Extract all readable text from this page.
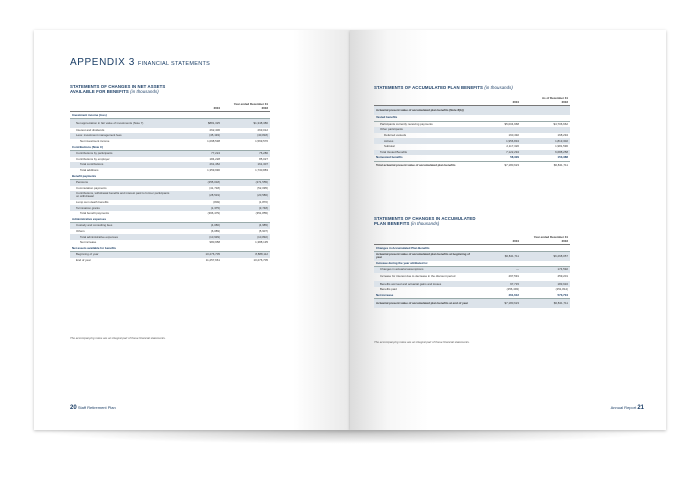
APPENDIX 3 FINANCIAL STATEMENTS
STATEMENTS OF CHANGES IN NET ASSETS
AVAILABLE FOR BENEFITS (in thousands)
	Year ended December 31	
	2004	2003
Investment income (loss)		
Net appreciation in fair value of investments (Note 7)	$881,325	$1,348,380
Interest and dividends	262,406	263,012
Less: investment management fees	(45,193)	(40,818)
Net investment income	1,098,538	1,569,576
Contributions (Note C)		
Contributions by participants	77,224	76,280
Contributions by employer	184,228	85,027
Total contributions	261,452	161,307
Total additions	1,359,990	1,730,883
Benefit payments		
Pensions	(255,018)	(271,555)
Commutation payments	(41,718)	(52,095)
Contributions, withdrawal benefits and interest paid to former participants on withdrawal	(28,519)	(20,586)
Lump sum death benefits	(849)	(1,870)
Termination grants	(1,375)	(3,748)
Total benefit payments	(366,479)	(351,855)
Administrative expenses		
Custody and consulting fees	(4,080)	(4,985)
Others	(6,089)	(5,907)
Total administrative expenses	(10,939)	(10,892)
Net increase	980,958	1,388,135
Net assets available for benefits		
Beginning of year	10,276,705	8,888,112
End of year	11,257,661	10,276,705
The accompanying notes are an integral part of these financial statements.
20 Staff Retirement Plan
STATEMENTS OF ACCUMULATED PLAN BENEFITS (in thousands)
	As of December 31	
	2004	2003
Actuarial present value of accumulated plan benefits (Note 8(b))		
Vested benefits		
Participants currently receiving payments	$5,004,968	$4,706,662
Other participants		
Deferred vesteds	160,492	168,294
Actives	1,956,834	1,813,302
Subtotal	2,117,326	1,981,596
Total Vested Benefits	7,122,294	6,688,258
Nonvested benefits	58,329	153,388
Total actuarial present value of accumulated plan benefits	$7,180,623	$6,841,711
STATEMENTS OF CHANGES IN ACCUMULATED
PLAN BENEFITS (in thousands)
	Year ended December 31	
	2004	2003
Changes in Accumulated Plan Benefits		
Actuarial present value of accumulated plan benefits at beginning of year	$6,841,711	$6,268,057
Increase during the year attributed to:		
Changes in actuarial assumptions	—	174,592
Increase for interest due to decrease in the discount period	497,591	459,201
Benefits accrued and actuarial gains and losses	97,715	183,916
Benefits paid	(256,493)	(251,814)
Net increase	461,612	573,704
Actuarial present value of accumulated plan benefits at end of year	$7,180,623	$6,841,711
The accompanying notes are an integral part of these financial statements.
Annual Report 21
